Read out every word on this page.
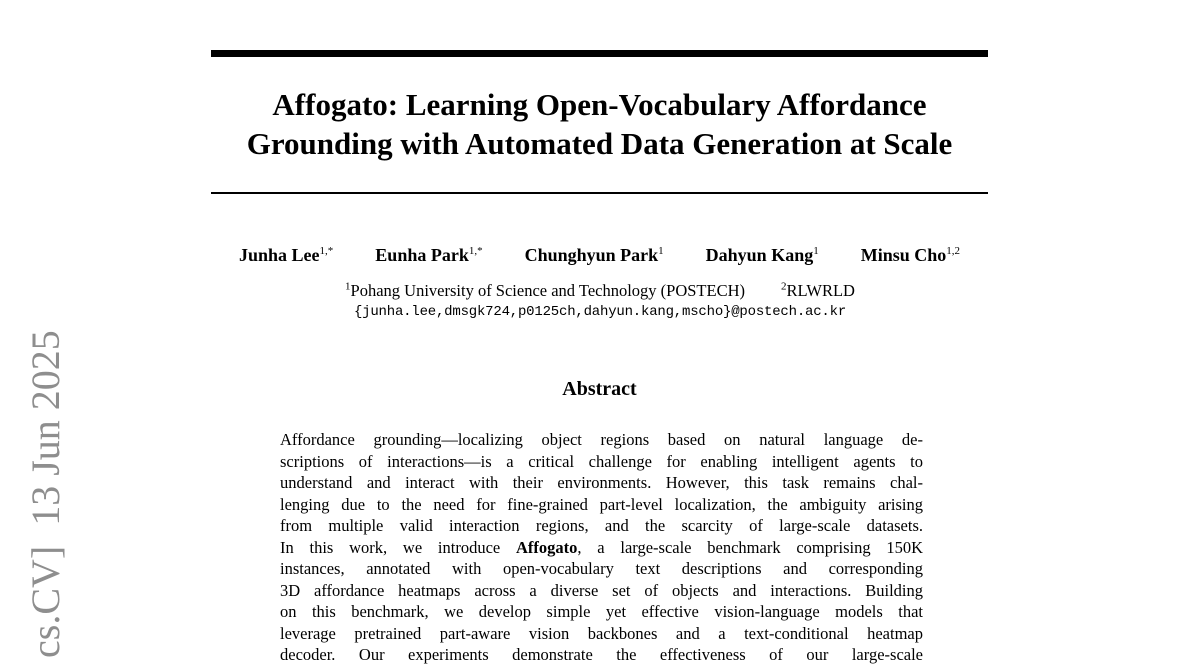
cs.CV]  13 Jun 2025
Affogato: Learning Open-Vocabulary Affordance
Grounding with Automated Data Generation at Scale
Junha Lee$^{1,*}$ Eunha Park$^{1,*}$ Chunghyun Park$^1$ Dahyun Kang$^1$ Minsu Cho$^{1,2}$
$^1$Pohang University of Science and Technology (POSTECH)	$^2$RLWRLD
{junha.lee,dmsgk724,p0125ch,dahyun.kang,mscho}@postech.ac.kr
Abstract
Affordance grounding—localizing object regions based on natural language de-
scriptions of interactions—is a critical challenge for enabling intelligent agents to
understand and interact with their environments. However, this task remains chal-
lenging due to the need for fine-grained part-level localization, the ambiguity arising
from multiple valid interaction regions, and the scarcity of large-scale datasets.
In this work, we introduce Affogato, a large-scale benchmark comprising 150K
instances, annotated with open-vocabulary text descriptions and corresponding
3D affordance heatmaps across a diverse set of objects and interactions. Building
on this benchmark, we develop simple yet effective vision-language models that
leverage pretrained part-aware vision backbones and a text-conditional heatmap
decoder. Our experiments demonstrate the effectiveness of our large-scale
